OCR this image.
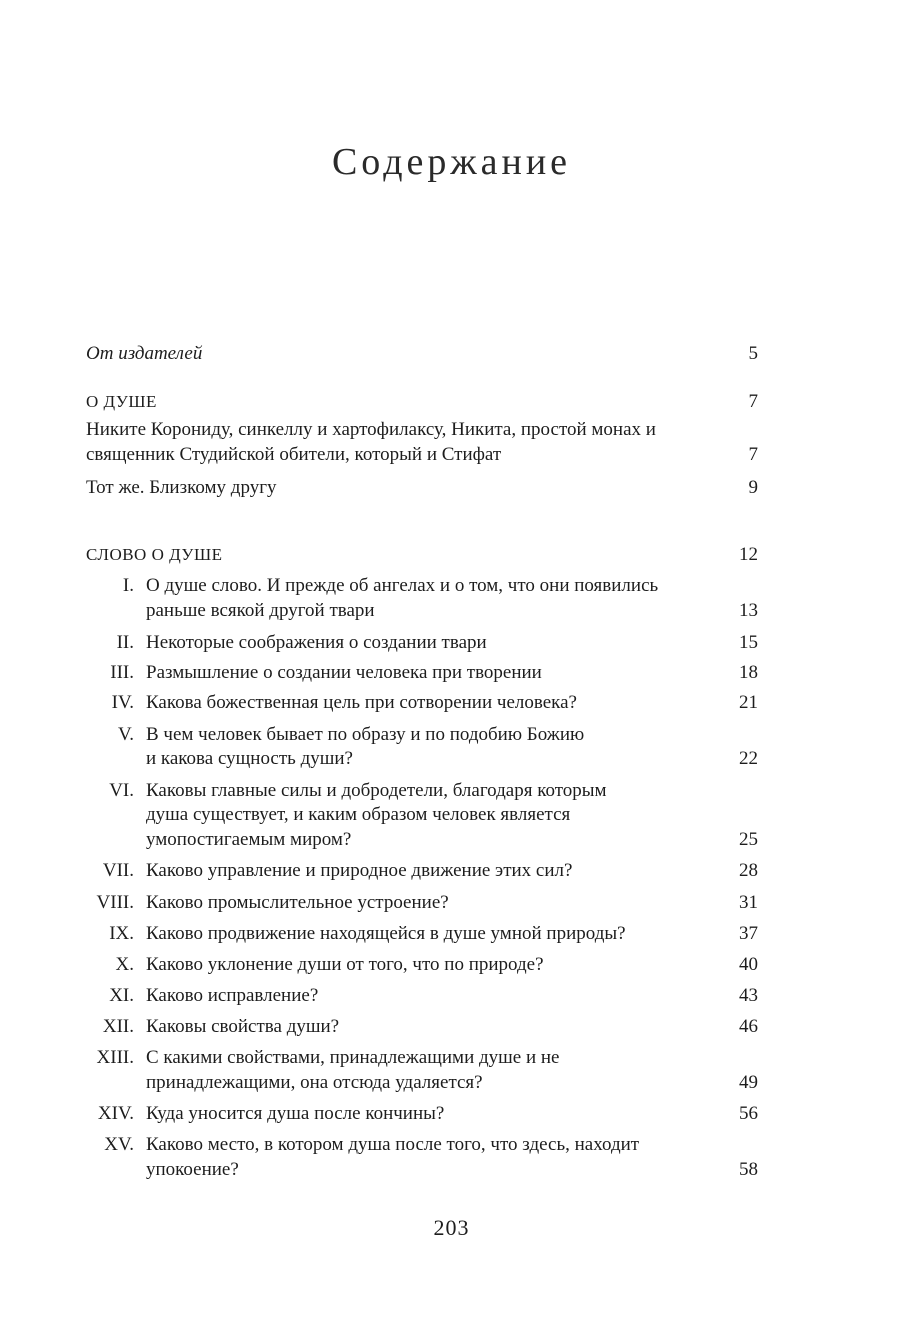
Содержание
От издателей	5
О ДУШЕ	7
Никите Корониду, синкеллу и хартофилаксу, Никита, простой монах и
священник Студийской обители, который и Стифат	7
Тот же. Близкому другу	9
СЛОВО О ДУШЕ	12
I. О душе слово. И прежде об ангелах и о том, что они появились
раньше всякой другой твари	13
II. Некоторые соображения о создании твари	15
III. Размышление о создании человека при творении	18
IV. Какова божественная цель при сотворении человека?	21
V. В чем человек бывает по образу и по подобию Божию
и какова сущность души?	22
VI. Каковы главные силы и добродетели, благодаря которым
душа существует, и каким образом человек является
умопостигаемым миром?	25
VII. Каково управление и природное движение этих сил?	28
VIII. Каково промыслительное устроение?	31
IX. Каково продвижение находящейся в душе умной природы?	37
X. Каково уклонение души от того, что по природе?	40
XI. Каково исправление?	43
XII. Каковы свойства души?	46
XIII. С какими свойствами, принадлежащими душе и не
принадлежащими, она отсюда удаляется?	49
XIV. Куда уносится душа после кончины?	56
XV. Каково место, в котором душа после того, что здесь, находит
упокоение?	58
203
